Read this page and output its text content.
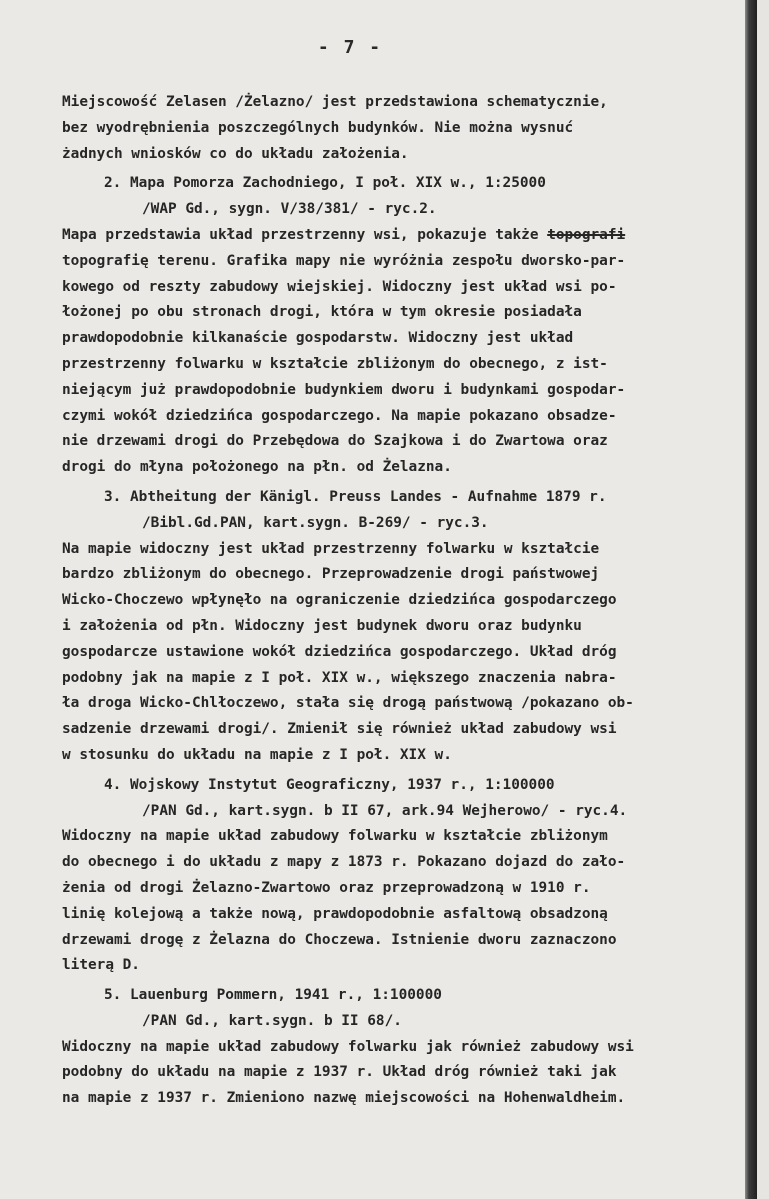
- 7 -
Miejscowość Zelasen /Żelazno/ jest przedstawiona schematycznie,
bez wyodrębnienia poszczególnych budynków. Nie można wysnuć
żadnych wniosków co do układu założenia.
2. Mapa Pomorza Zachodniego, I poł. XIX w., 1:25000
/WAP Gd., sygn. V/38/381/ - ryc.2.
Mapa przedstawia układ przestrzenny wsi, pokazuje także topografi
topografię terenu. Grafika mapy nie wyróżnia zespołu dworsko-par-
kowego od reszty zabudowy wiejskiej. Widoczny jest układ wsi po-
łożonej po obu stronach drogi, która w tym okresie posiadała
prawdopodobnie kilkanaście gospodarstw. Widoczny jest układ
przestrzenny folwarku w kształcie zbliżonym do obecnego, z ist-
niejącym już prawdopodobnie budynkiem dworu i budynkami gospodar-
czymi wokół dziedzińca gospodarczego. Na mapie pokazano obsadze-
nie drzewami drogi do Przebędowa do Szajkowa i do Zwartowa oraz
drogi do młyna położonego na płn. od Żelazna.
3. Abtheitung der Känigl. Preuss Landes - Aufnahme 1879 r.
/Bibl.Gd.PAN, kart.sygn. B-269/ - ryc.3.
Na mapie widoczny jest układ przestrzenny folwarku w kształcie
bardzo zbliżonym do obecnego. Przeprowadzenie drogi państwowej
Wicko-Choczewo wpłynęło na ograniczenie dziedzińca gospodarczego
i założenia od płn. Widoczny jest budynek dworu oraz budynku
gospodarcze ustawione wokół dziedzińca gospodarczego. Układ dróg
podobny jak na mapie z I poł. XIX w., większego znaczenia nabra-
ła droga Wicko-Chlłoczewo, stała się drogą państwową /pokazano ob-
sadzenie drzewami drogi/. Zmienił się również układ zabudowy wsi
w stosunku do układu na mapie z I poł. XIX w.
4. Wojskowy Instytut Geograficzny, 1937 r., 1:100000
/PAN Gd., kart.sygn. b II 67, ark.94 Wejherowo/ - ryc.4.
Widoczny na mapie układ zabudowy folwarku w kształcie zbliżonym
do obecnego i do układu z mapy z 1873 r. Pokazano dojazd do zało-
żenia od drogi Żelazno-Zwartowo oraz przeprowadzoną w 1910 r.
linię kolejową a także nową, prawdopodobnie asfaltową obsadzoną
drzewami drogę z Żelazna do Choczewa. Istnienie dworu zaznaczono
literą D.
5. Lauenburg Pommern, 1941 r., 1:100000
/PAN Gd., kart.sygn. b II 68/.
Widoczny na mapie układ zabudowy folwarku jak również zabudowy wsi
podobny do układu na mapie z 1937 r. Układ dróg również taki jak
na mapie z 1937 r. Zmieniono nazwę miejscowości na Hohenwaldheim.
